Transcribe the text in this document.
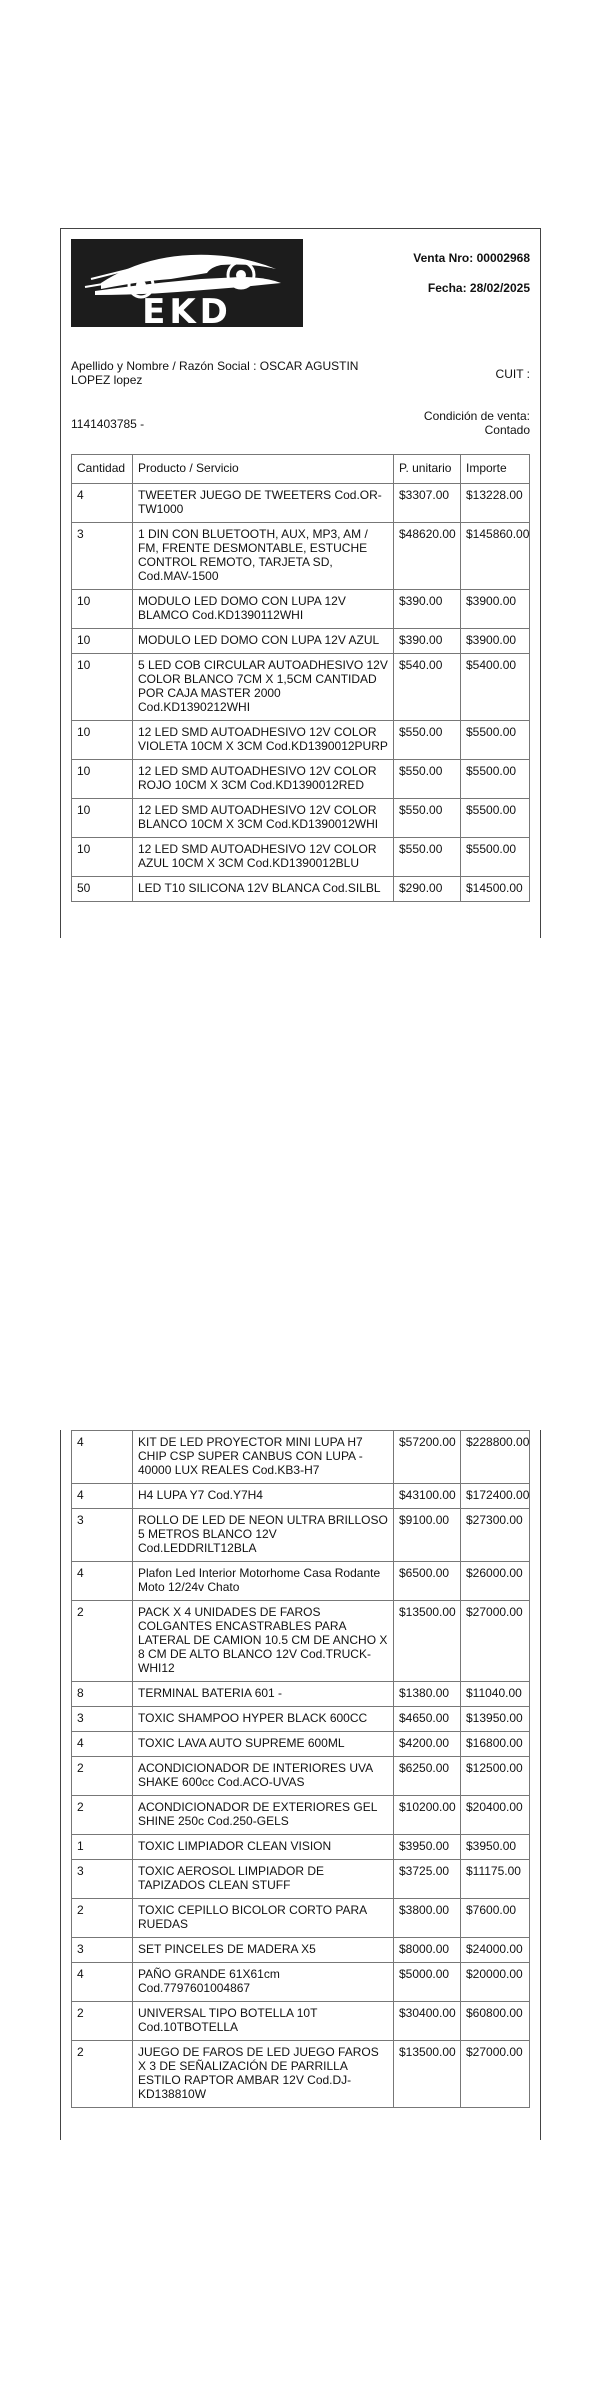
EKD
Venta Nro: 00002968
Fecha: 28/02/2025
Apellido y Nombre / Razón Social : OSCAR AGUSTIN LOPEZ lopez	CUIT :
1141403785 -
Condición de venta:
Contado
Cantidad	Producto / Servicio	P. unitario	Importe
4	TWEETER JUEGO DE TWEETERS Cod.OR-TW1000	$3307.00	$13228.00
3	1 DIN CON BLUETOOTH, AUX, MP3, AM / FM, FRENTE DESMONTABLE, ESTUCHE CONTROL REMOTO, TARJETA SD, Cod.MAV-1500	$48620.00	$145860.00
10	MODULO LED DOMO CON LUPA 12V BLAMCO Cod.KD1390112WHI	$390.00	$3900.00
10	MODULO LED DOMO CON LUPA 12V AZUL	$390.00	$3900.00
10	5 LED COB CIRCULAR AUTOADHESIVO 12V COLOR BLANCO 7CM X 1,5CM CANTIDAD POR CAJA MASTER 2000 Cod.KD1390212WHI	$540.00	$5400.00
10	12 LED SMD AUTOADHESIVO 12V COLOR VIOLETA 10CM X 3CM Cod.KD1390012PURP	$550.00	$5500.00
10	12 LED SMD AUTOADHESIVO 12V COLOR ROJO 10CM X 3CM Cod.KD1390012RED	$550.00	$5500.00
10	12 LED SMD AUTOADHESIVO 12V COLOR BLANCO 10CM X 3CM Cod.KD1390012WHI	$550.00	$5500.00
10	12 LED SMD AUTOADHESIVO 12V COLOR AZUL 10CM X 3CM Cod.KD1390012BLU	$550.00	$5500.00
50	LED T10 SILICONA 12V BLANCA Cod.SILBL	$290.00	$14500.00
4	KIT DE LED PROYECTOR MINI LUPA H7 CHIP CSP SUPER CANBUS CON LUPA - 40000 LUX REALES Cod.KB3-H7	$57200.00	$228800.00
4	H4 LUPA Y7 Cod.Y7H4	$43100.00	$172400.00
3	ROLLO DE LED DE NEON ULTRA BRILLOSO 5 METROS BLANCO 12V Cod.LEDDRILT12BLA	$9100.00	$27300.00
4	Plafon Led Interior Motorhome Casa Rodante Moto 12/24v Chato	$6500.00	$26000.00
2	PACK X 4 UNIDADES DE FAROS COLGANTES ENCASTRABLES PARA LATERAL DE CAMION 10.5 CM DE ANCHO X 8 CM DE ALTO BLANCO 12V Cod.TRUCK-WHI12	$13500.00	$27000.00
8	TERMINAL BATERIA 601 -	$1380.00	$11040.00
3	TOXIC SHAMPOO HYPER BLACK 600CC	$4650.00	$13950.00
4	TOXIC LAVA AUTO SUPREME 600ML	$4200.00	$16800.00
2	ACONDICIONADOR DE INTERIORES UVA SHAKE 600cc Cod.ACO-UVAS	$6250.00	$12500.00
2	ACONDICIONADOR DE EXTERIORES GEL SHINE 250c Cod.250-GELS	$10200.00	$20400.00
1	TOXIC LIMPIADOR CLEAN VISION	$3950.00	$3950.00
3	TOXIC AEROSOL LIMPIADOR DE TAPIZADOS CLEAN STUFF	$3725.00	$11175.00
2	TOXIC CEPILLO BICOLOR CORTO PARA RUEDAS	$3800.00	$7600.00
3	SET PINCELES DE MADERA X5	$8000.00	$24000.00
4	PAÑO GRANDE 61X61cm Cod.7797601004867	$5000.00	$20000.00
2	UNIVERSAL TIPO BOTELLA 10T Cod.10TBOTELLA	$30400.00	$60800.00
2	JUEGO DE FAROS DE LED JUEGO FAROS X 3 DE SEÑALIZACIÓN DE PARRILLA ESTILO RAPTOR AMBAR 12V Cod.DJ-KD138810W	$13500.00	$27000.00
